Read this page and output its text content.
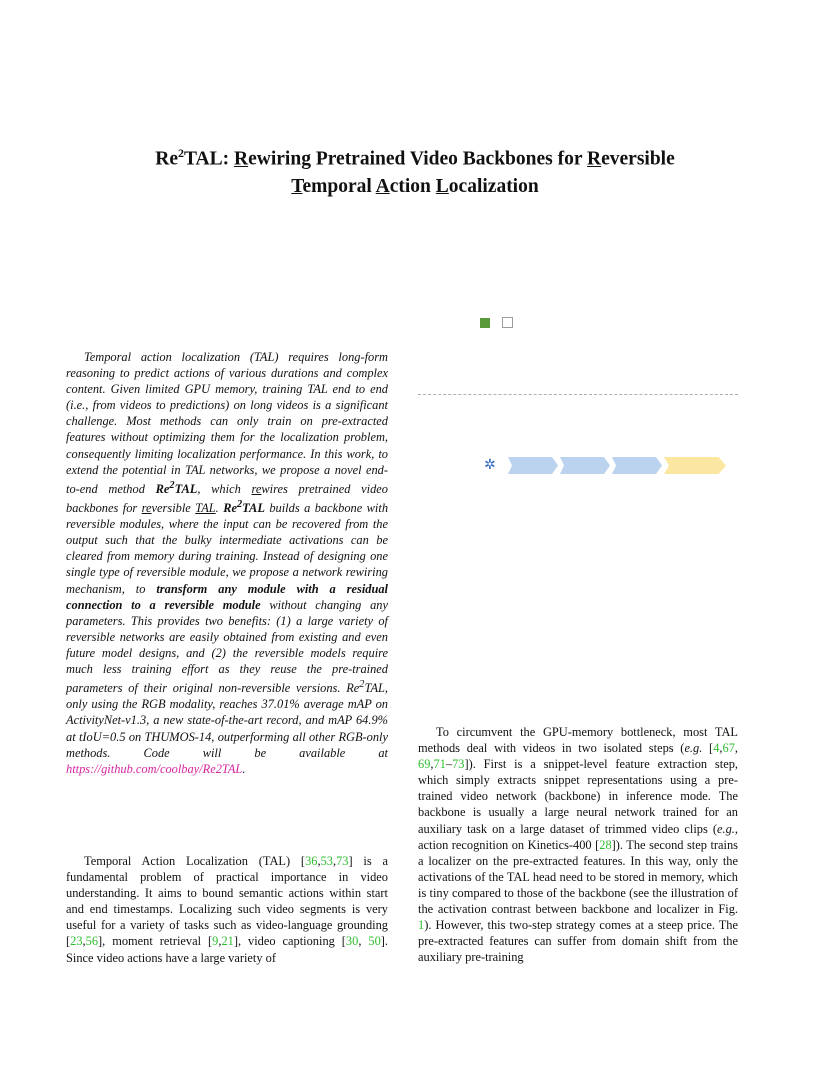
Re$^2$TAL: Rewiring Pretrained Video Backbones for Reversible
Temporal Action Localization

Temporal action localization (TAL) requires long-form reasoning to predict actions of various durations and complex content. Given limited GPU memory, training TAL end to end (i.e., from videos to predictions) on long videos is a significant challenge. Most methods can only train on pre-extracted features without optimizing them for the localization problem, consequently limiting localization performance. In this work, to extend the potential in TAL networks, we propose a novel end-to-end method Re$^2$TAL, which rewires pretrained video backbones for reversible TAL. Re$^2$TAL builds a backbone with reversible modules, where the input can be recovered from the output such that the bulky intermediate activations can be cleared from memory during training. Instead of designing one single type of reversible module, we propose a network rewiring mechanism, to transform any module with a residual connection to a reversible module without changing any parameters. This provides two benefits: (1) a large variety of reversible networks are easily obtained from existing and even future model designs, and (2) the reversible models require much less training effort as they reuse the pre-trained parameters of their original non-reversible versions. Re$^2$TAL, only using the RGB modality, reaches 37.01% average mAP on ActivityNet-v1.3, a new state-of-the-art record, and mAP 64.9% at tIoU=0.5 on THUMOS-14, outperforming all other RGB-only methods. Code will be available at https://github.com/coolbay/Re2TAL.

Temporal Action Localization (TAL) [36,53,73] is a fundamental problem of practical importance in video understanding. It aims to bound semantic actions within start and end timestamps. Localizing such video segments is very useful for a variety of tasks such as video-language grounding [23,56], moment retrieval [9,21], video captioning [30, 50]. Since video actions have a large variety of

✲

To circumvent the GPU-memory bottleneck, most TAL methods deal with videos in two isolated steps (e.g. [4,67, 69,71–73]). First is a snippet-level feature extraction step, which simply extracts snippet representations using a pre-trained video network (backbone) in inference mode. The backbone is usually a large neural network trained for an auxiliary task on a large dataset of trimmed video clips (e.g., action recognition on Kinetics-400 [28]). The second step trains a localizer on the pre-extracted features. In this way, only the activations of the TAL head need to be stored in memory, which is tiny compared to those of the backbone (see the illustration of the activation contrast between backbone and localizer in Fig. 1). However, this two-step strategy comes at a steep price. The pre-extracted features can suffer from domain shift from the auxiliary pre-training
